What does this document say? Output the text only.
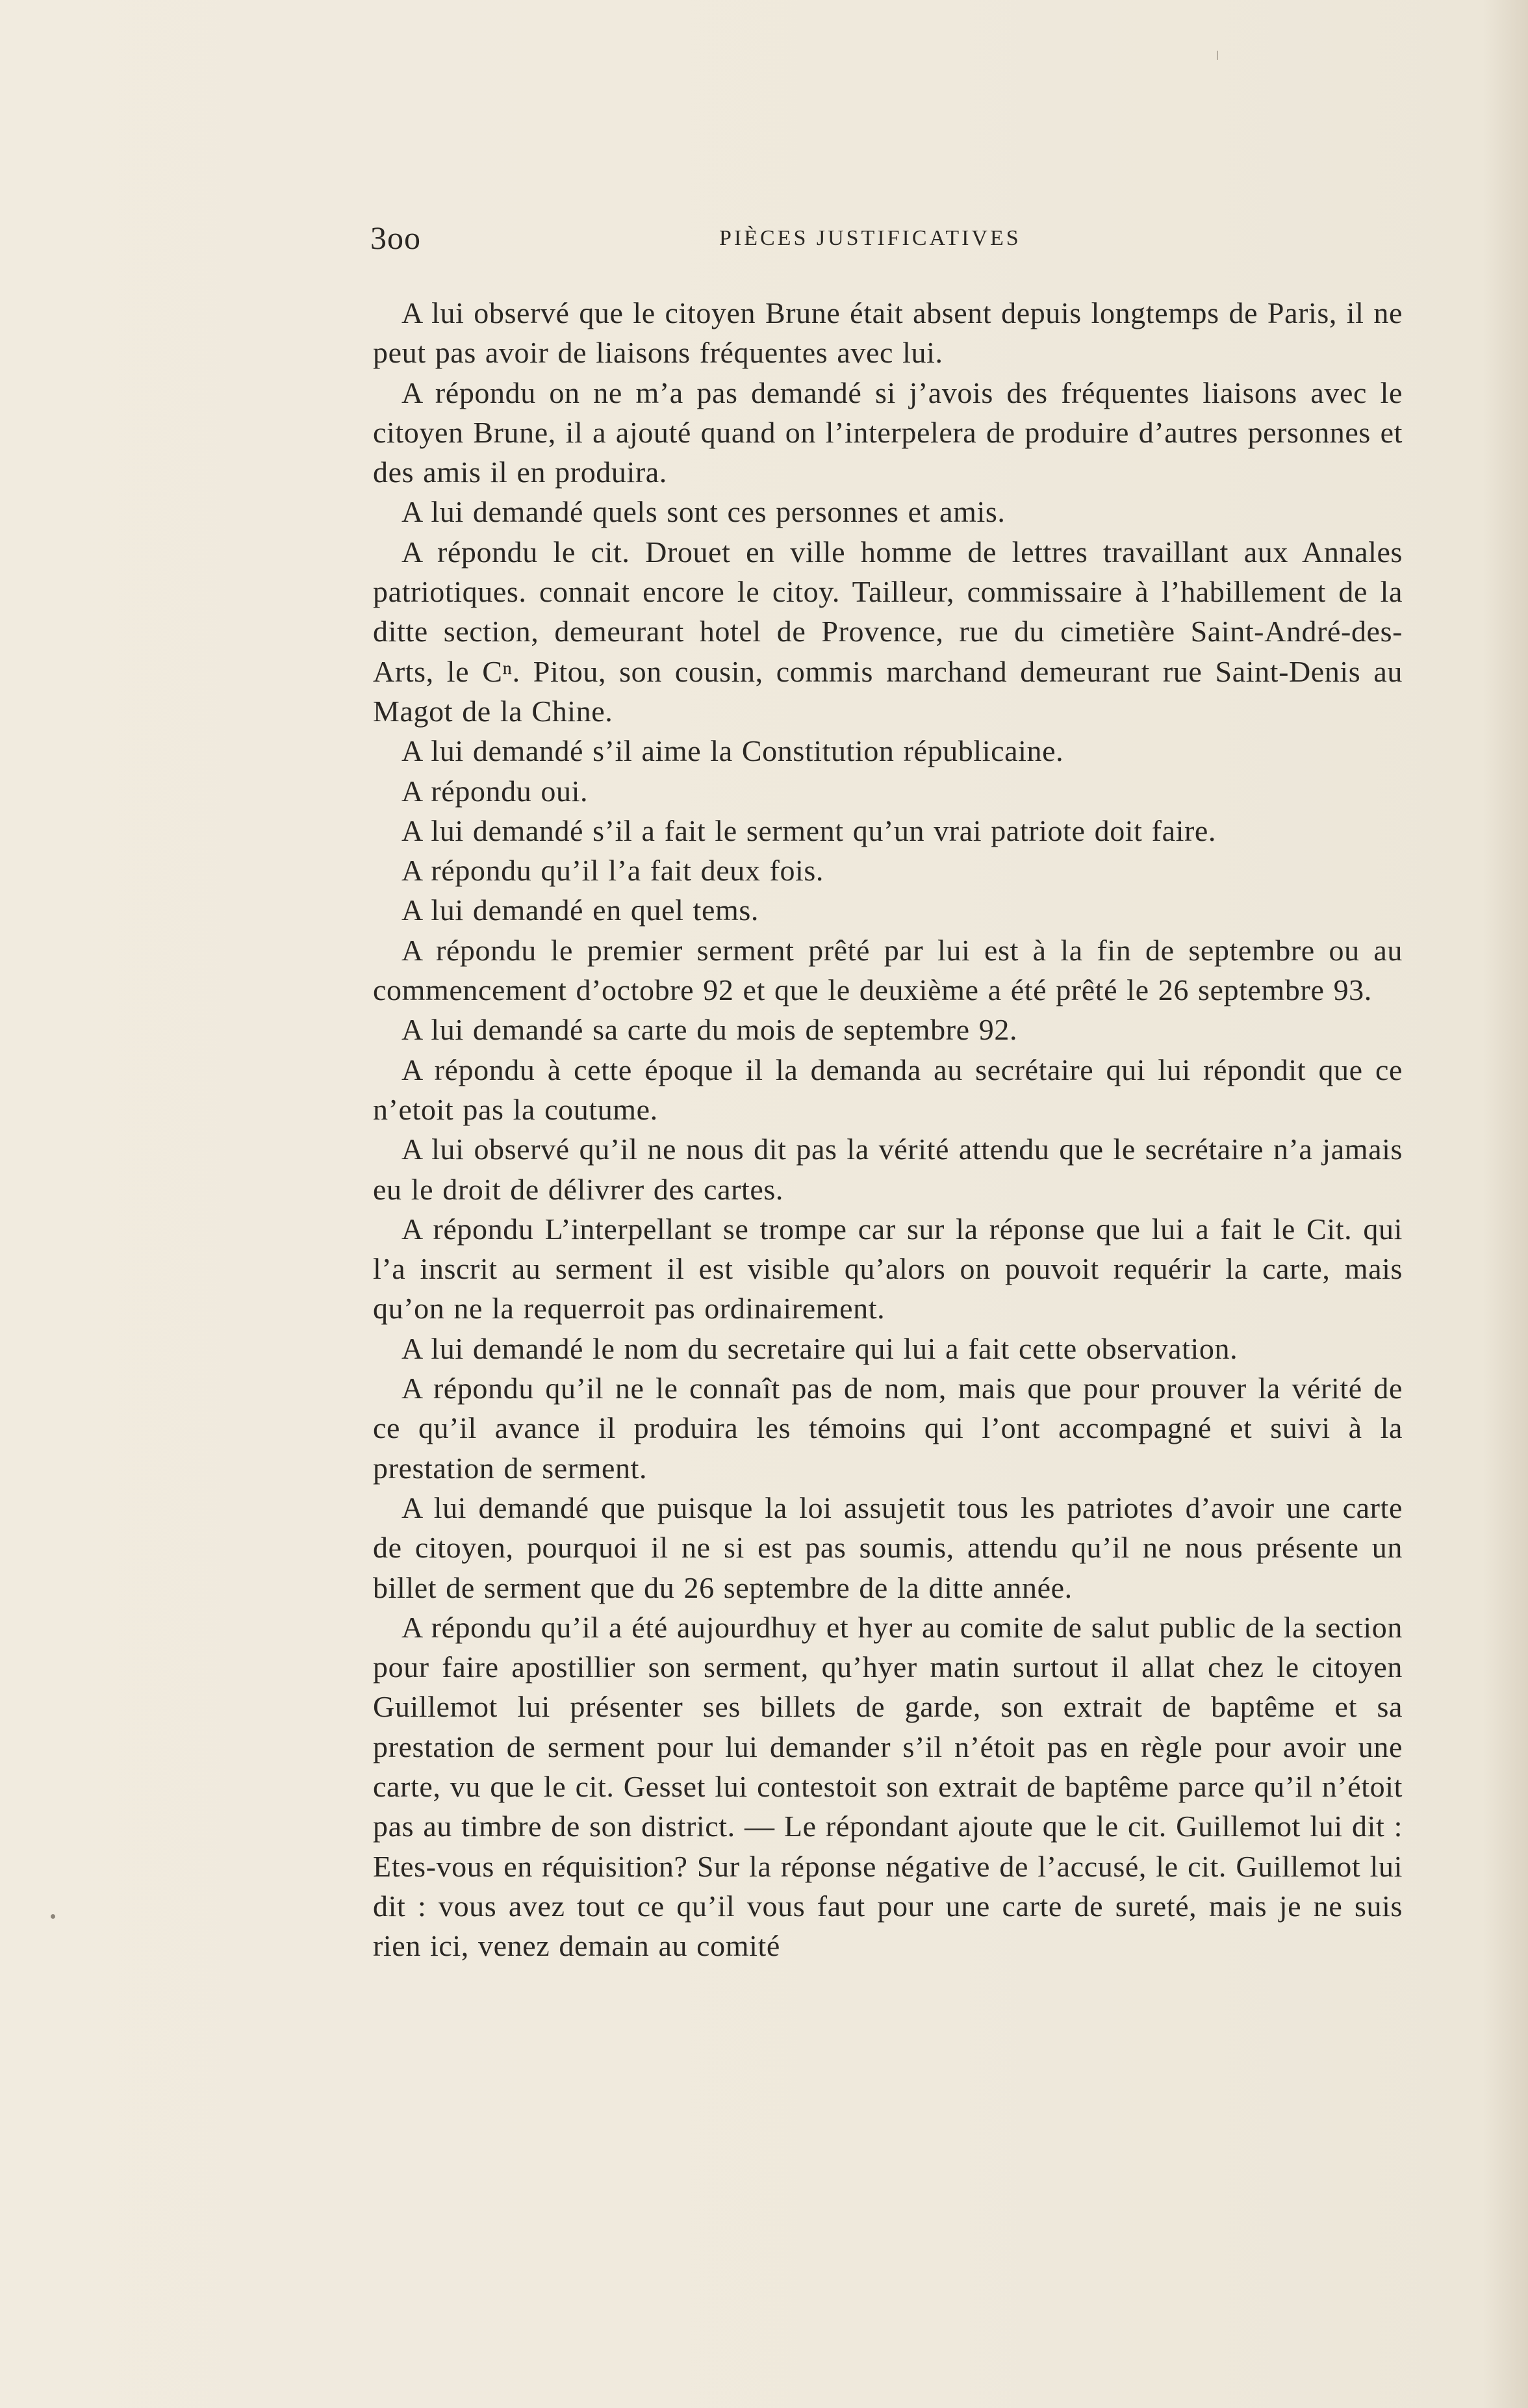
3oo	PIÈCES JUSTIFICATIVES

A lui observé que le citoyen Brune était absent depuis longtemps de Paris, il ne peut pas avoir de liaisons fréquentes avec lui.

A répondu on ne m’a pas demandé si j’avois des fréquentes liaisons avec le citoyen Brune, il a ajouté quand on l’interpelera de produire d’autres personnes et des amis il en produira.

A lui demandé quels sont ces personnes et amis.

A répondu le cit. Drouet en ville homme de lettres travaillant aux Annales patriotiques. connait encore le citoy. Tailleur, commissaire à l’habillement de la ditte section, demeurant hotel de Provence, rue du cimetière Saint-André-des-Arts, le Cⁿ. Pitou, son cousin, commis marchand demeurant rue Saint-Denis au Magot de la Chine.

A lui demandé s’il aime la Constitution républicaine.

A répondu oui.

A lui demandé s’il a fait le serment qu’un vrai patriote doit faire.

A répondu qu’il l’a fait deux fois.

A lui demandé en quel tems.

A répondu le premier serment prêté par lui est à la fin de septembre ou au commencement d’octobre 92 et que le deuxième a été prêté le 26 septembre 93.

A lui demandé sa carte du mois de septembre 92.

A répondu à cette époque il la demanda au secrétaire qui lui répondit que ce n’etoit pas la coutume.

A lui observé qu’il ne nous dit pas la vérité attendu que le secrétaire n’a jamais eu le droit de délivrer des cartes.

A répondu L’interpellant se trompe car sur la réponse que lui a fait le Cit. qui l’a inscrit au serment il est visible qu’alors on pouvoit requérir la carte, mais qu’on ne la requerroit pas ordinairement.

A lui demandé le nom du secretaire qui lui a fait cette observation.

A répondu qu’il ne le connaît pas de nom, mais que pour prouver la vérité de ce qu’il avance il produira les témoins qui l’ont accompagné et suivi à la prestation de serment.

A lui demandé que puisque la loi assujetit tous les patriotes d’avoir une carte de citoyen, pourquoi il ne si est pas soumis, attendu qu’il ne nous présente un billet de serment que du 26 septembre de la ditte année.

A répondu qu’il a été aujourdhuy et hyer au comite de salut public de la section pour faire apostillier son serment, qu’hyer matin surtout il allat chez le citoyen Guillemot lui présenter ses billets de garde, son extrait de baptême et sa prestation de serment pour lui demander s’il n’étoit pas en règle pour avoir une carte, vu que le cit. Gesset lui contestoit son extrait de baptême parce qu’il n’étoit pas au timbre de son district. — Le répondant ajoute que le cit. Guillemot lui dit : Etes-vous en réquisition? Sur la réponse négative de l’accusé, le cit. Guillemot lui dit : vous avez tout ce qu’il vous faut pour une carte de sureté, mais je ne suis rien ici, venez demain au comité
